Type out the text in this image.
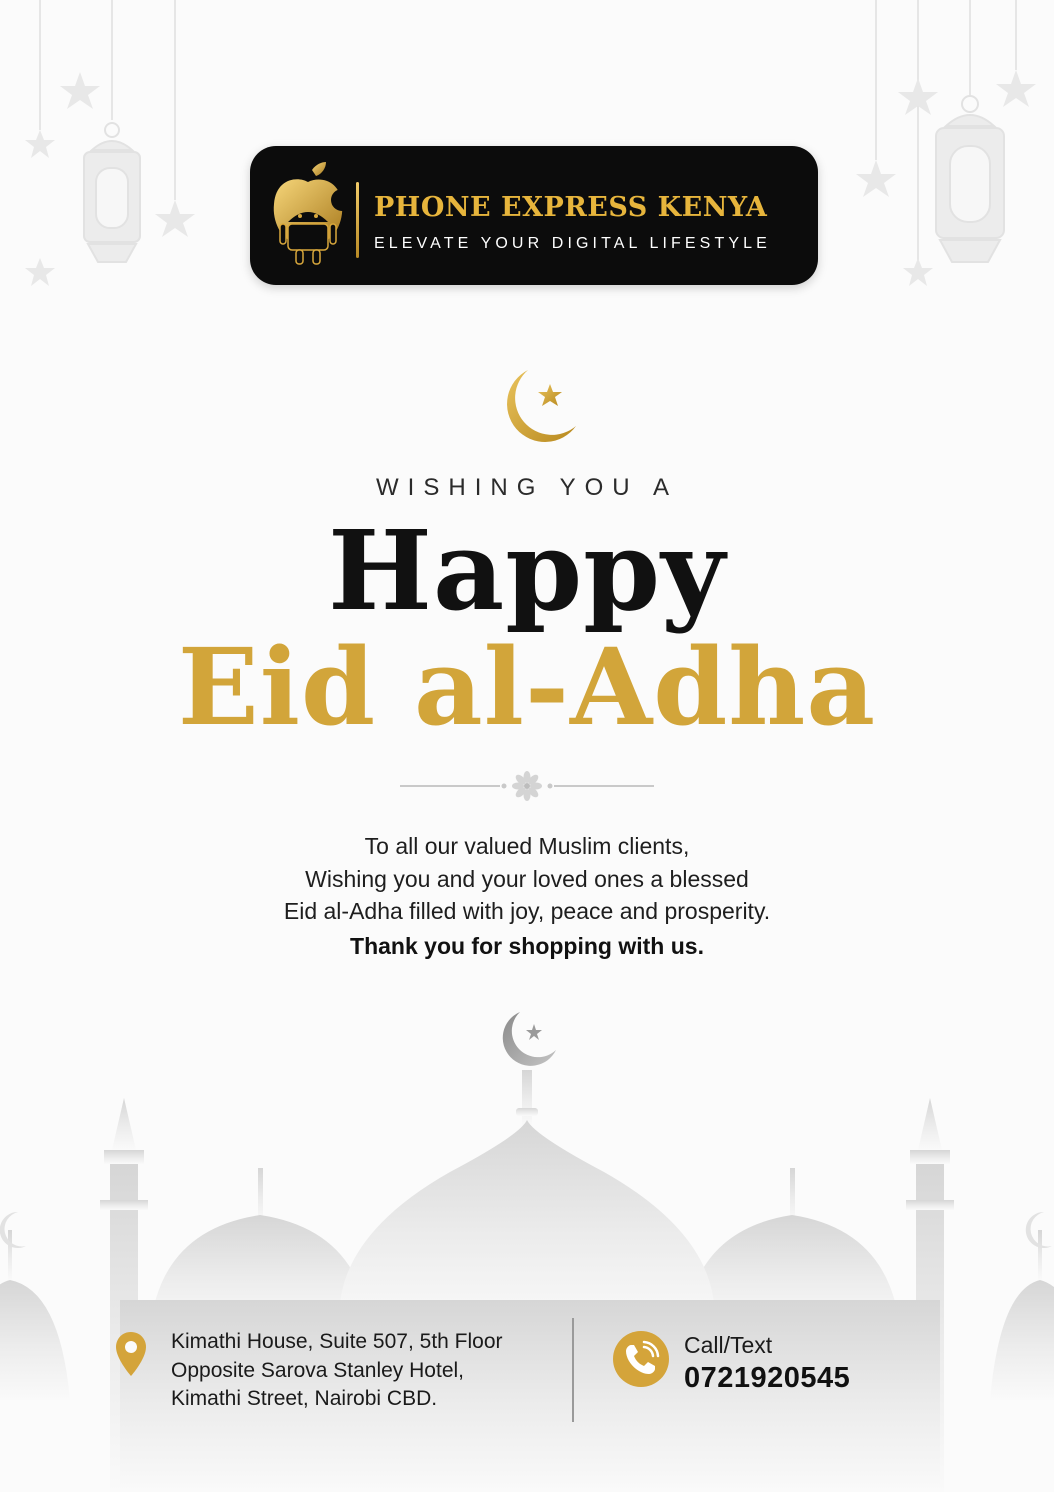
PHONE EXPRESS KENYA

ELEVATE YOUR DIGITAL LIFESTYLE

WISHING YOU A

Happy
Eid al-Adha

To all our valued Muslim clients,

Wishing you and your loved ones a blessed

Eid al-Adha filled with joy, peace and prosperity.

Thank you for shopping with us.

Kimathi House, Suite 507, 5th Floor

Opposite Sarova Stanley Hotel,

Kimathi Street, Nairobi CBD.

Call/Text

0721920545
